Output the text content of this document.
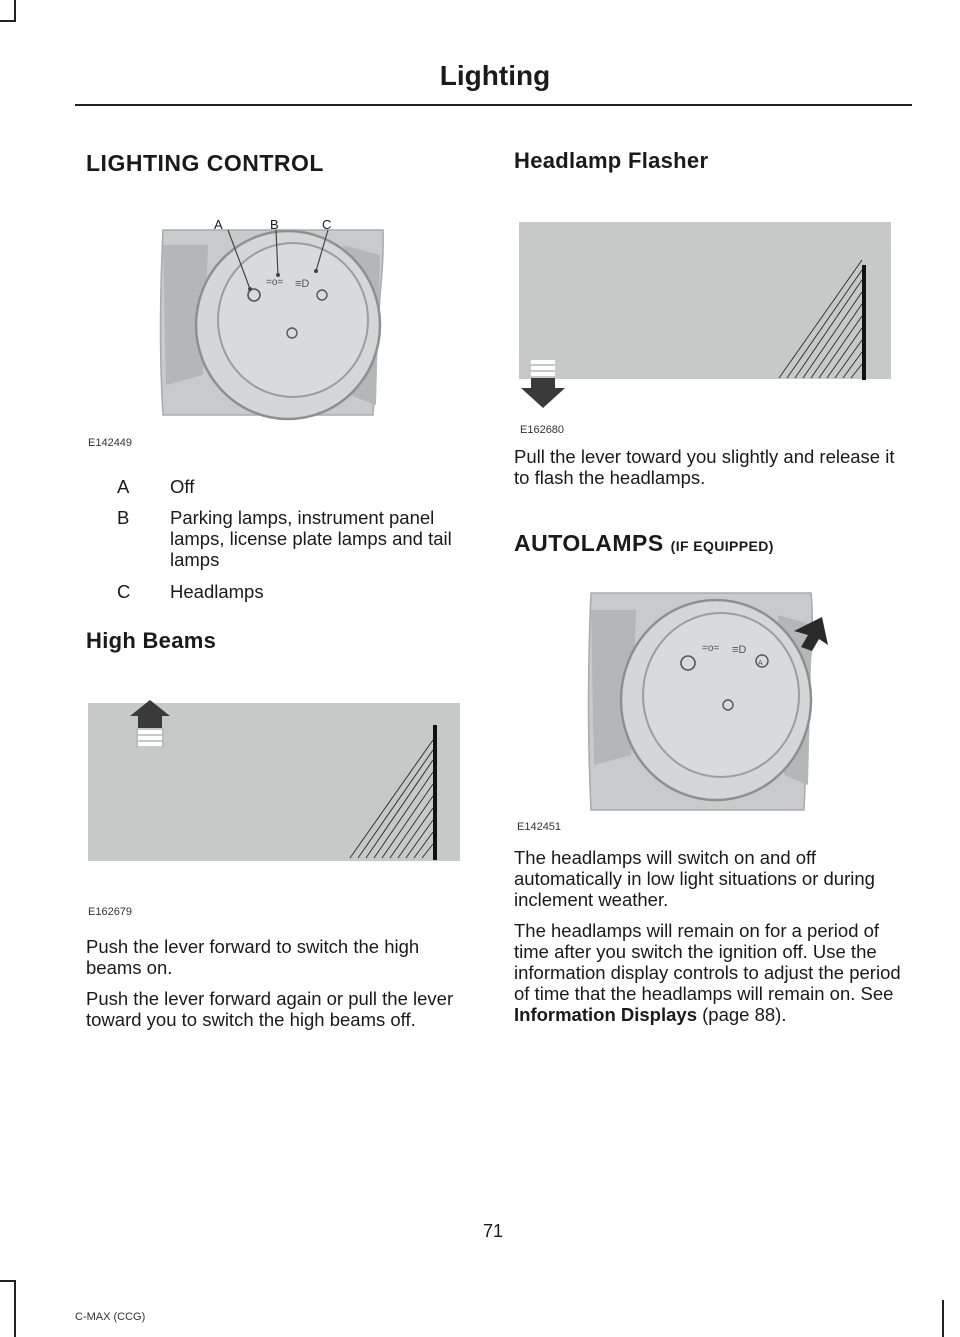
Lighting
LIGHTING CONTROL
=o= ≡D
A	B	C
E142449
A Off
B Parking lamps, instrument panel lamps, license plate lamps and tail lamps
C Headlamps
High Beams
E162679

Push the lever forward to switch the high beams on.

Push the lever forward again or pull the lever toward you to switch the high beams off.

Headlamp Flasher
E162680

Pull the lever toward you slightly and release it to flash the headlamps.

AUTOLAMPS (IF EQUIPPED)
=o= ≡D
A
E142451

The headlamps will switch on and off automatically in low light situations or during inclement weather.

The headlamps will remain on for a period of time after you switch the ignition off. Use the information display controls to adjust the period of time that the headlamps will remain on. See Information Displays (page 88).

71
C-MAX (CCG)
